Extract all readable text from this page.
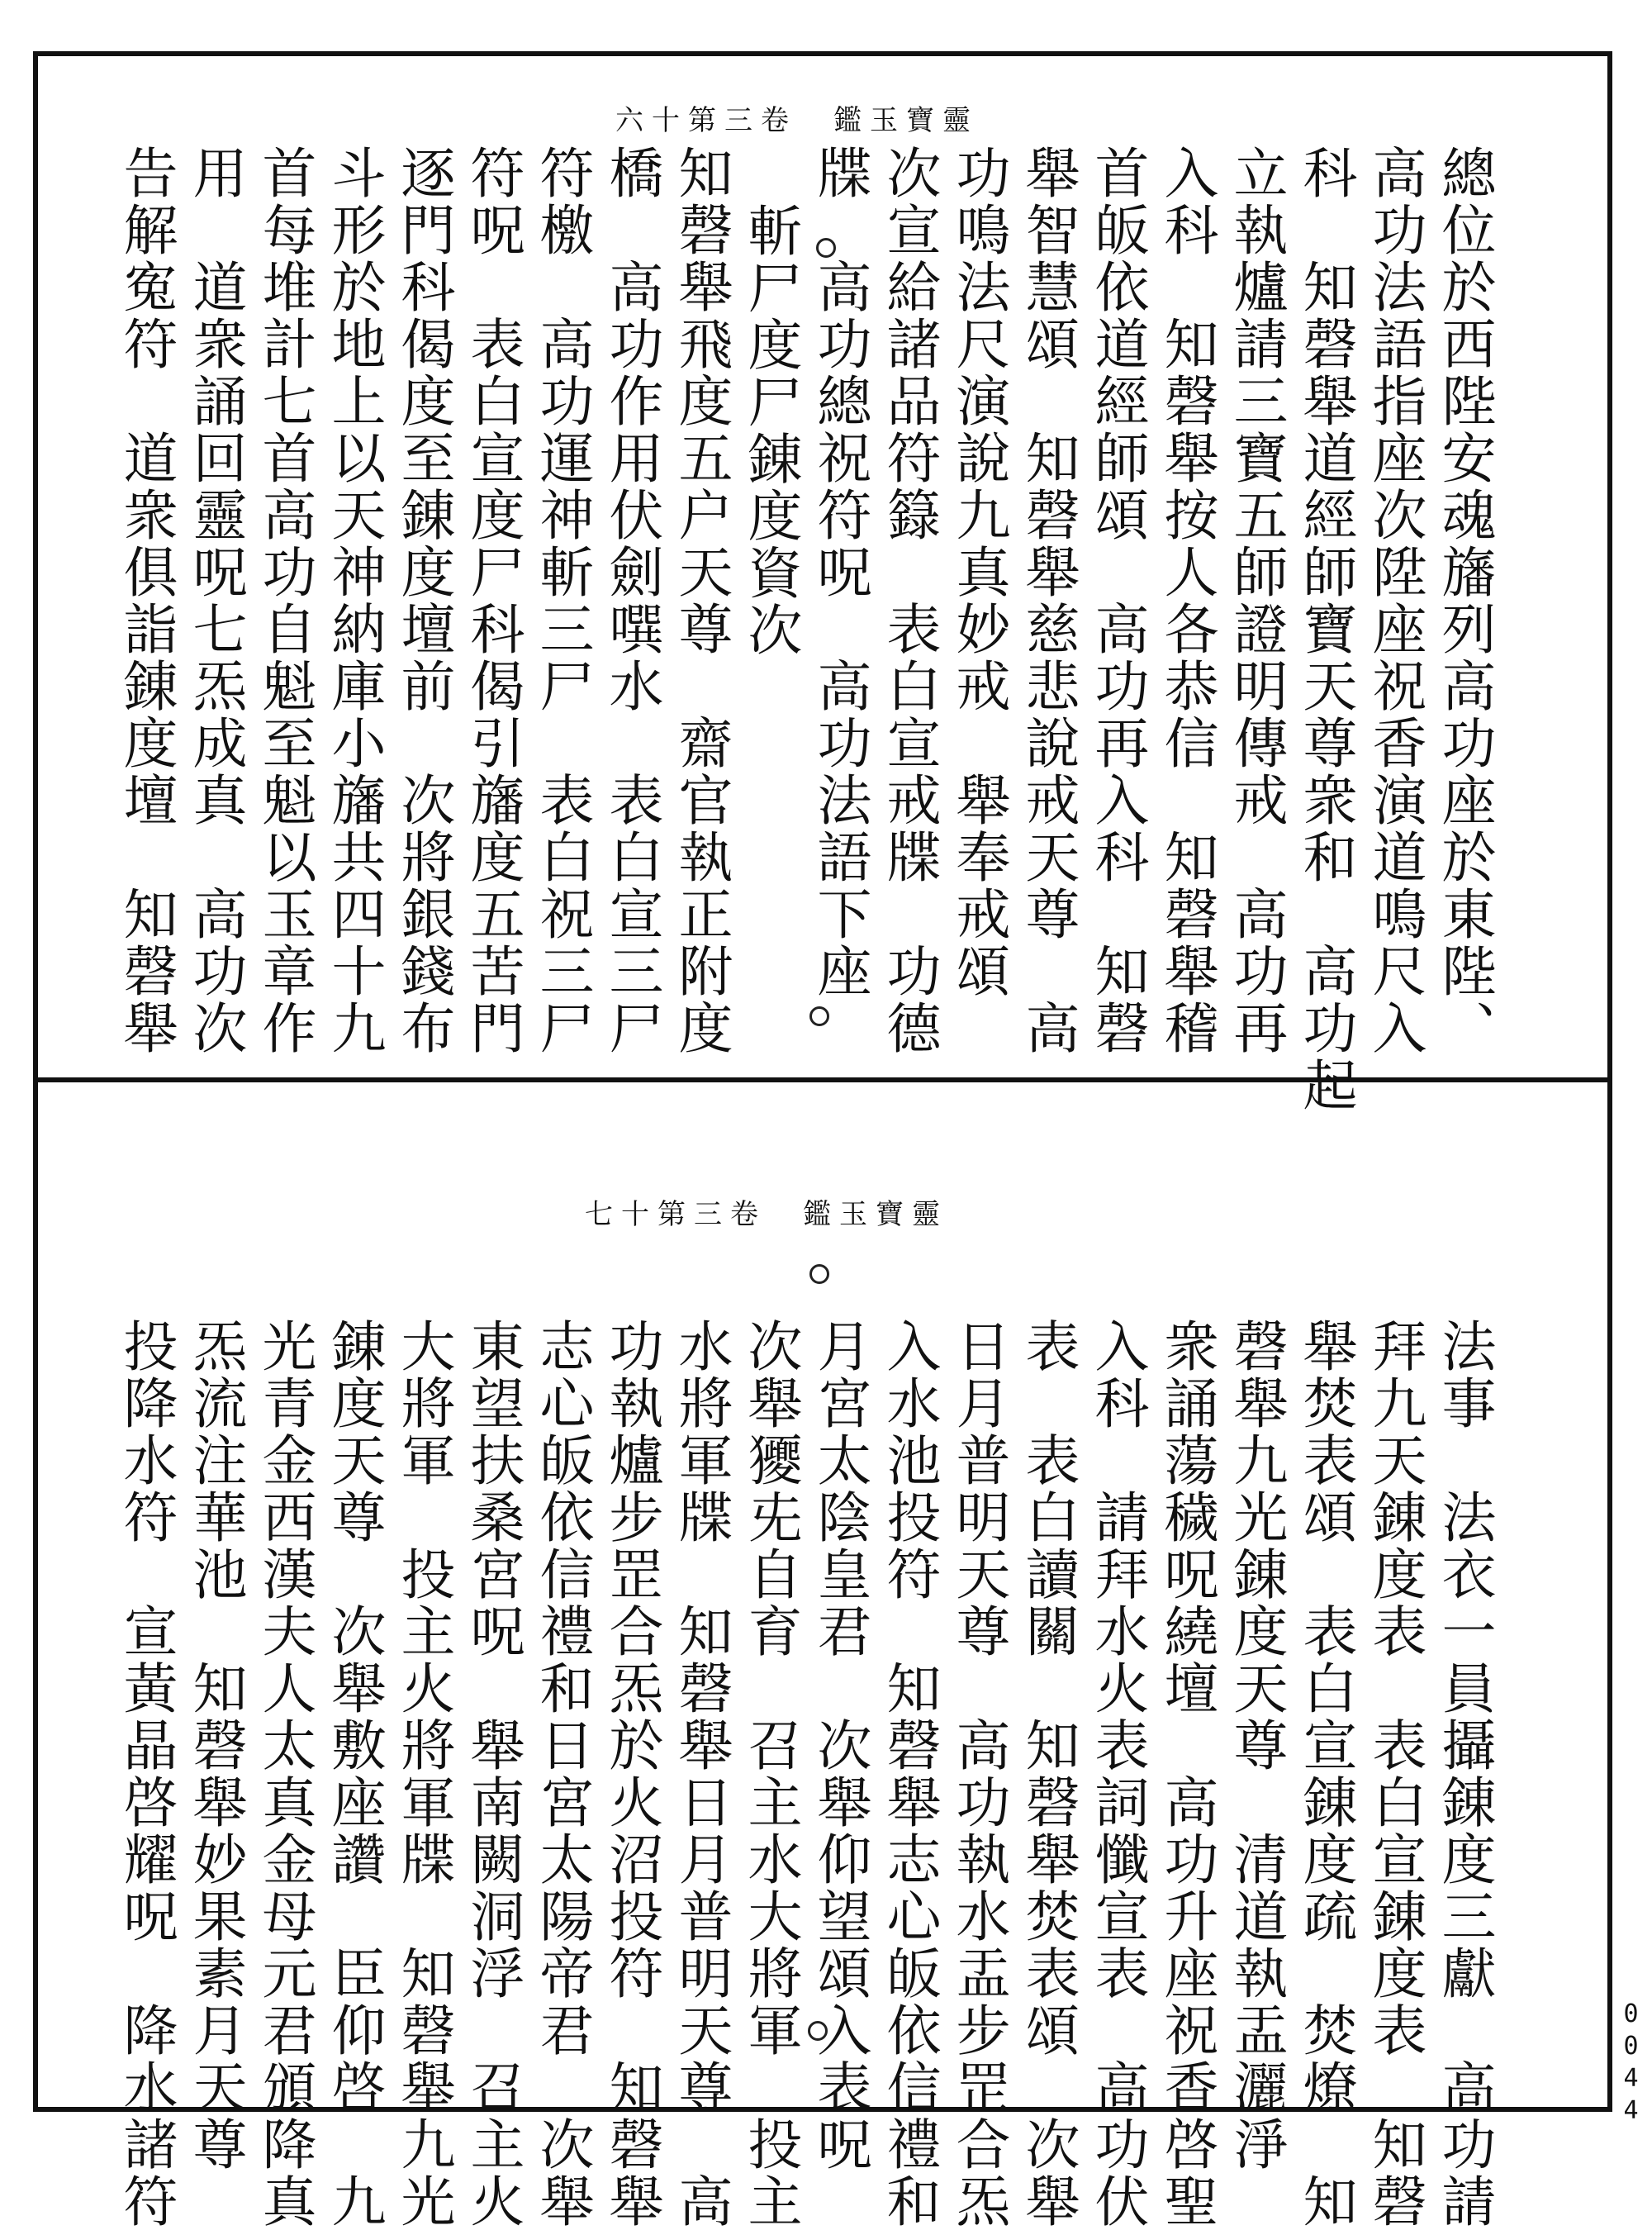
六十第三卷　鑑玉寶靈
總位於西陛安魂旛列高功座於東陛、
高功法語指座次陞座祝香演道鳴尺入
科　知磬舉道經師寶天尊衆和　高功起
立執爐請三寶五師證明傳戒　高功再
入科　知磬舉按人各恭信　知磬舉稽
首皈依道經師頌　高功再入科　知磬
舉智慧頌　知磬舉慈悲說戒天尊　高
功鳴法尺演說九真妙戒　舉奉戒頌
次宣給諸品符籙　表白宣戒牒　功德
牒　高功總祝符呪　高功法語下座
斬尸度尸錬度資次
知磬舉飛度五户天尊　齋官執正附度
橋　高功作用伏劍噀水　表白宣三尸
符檄　高功運神斬三尸　表白祝三尸
符呪　表白宣度尸科偈引旛度五苦門
逐門科偈度至錬度壇前　次將銀錢布
斗形於地上以天神納庫小旛共四十九
首每堆計七首高功自魁至魁以玉章作
用　道衆誦回靈呪七炁成真　高功次
告解寃符　道衆俱詣錬度壇　知磬舉
七十第三卷　鑑玉寶靈
法事　法衣一員攝錬度三獻　高功請
拜九天錬度表　表白宣錬度表　知磬
舉焚表頌　表白宣錬度疏　焚燎　知
磬舉九光錬度天尊　清道執盂灑淨
衆誦蕩穢呪繞壇　高功升座祝香啓聖
入科　請拜水火表詞懺宣表　高功伏
表　表白讀關　知磬舉焚表頌　次舉
日月普明天尊　高功執水盂步罡合炁
入水池投符　知磬舉志心皈依信禮和
月宮太陰皇君　次舉仰望頌入表呪
次舉獿兂自育　召主水大將軍　投主
水將軍牒　知磬舉日月普明天尊　高
功執爐步罡合炁於火沼投符　知磬舉
志心皈依信禮和日宮太陽帝君　次舉
東望扶桑宮呪　舉南闕洞浮　召主火
大將軍　投主火將軍牒　知磬舉九光
錬度天尊　次舉敷座讚　臣仰啓　九
光青金西漢夫人太真金母元君頒降真
炁流注華池　知磬舉妙果素月天尊
投降水符　宣黃晶啓耀呪　降水諸符	0044
